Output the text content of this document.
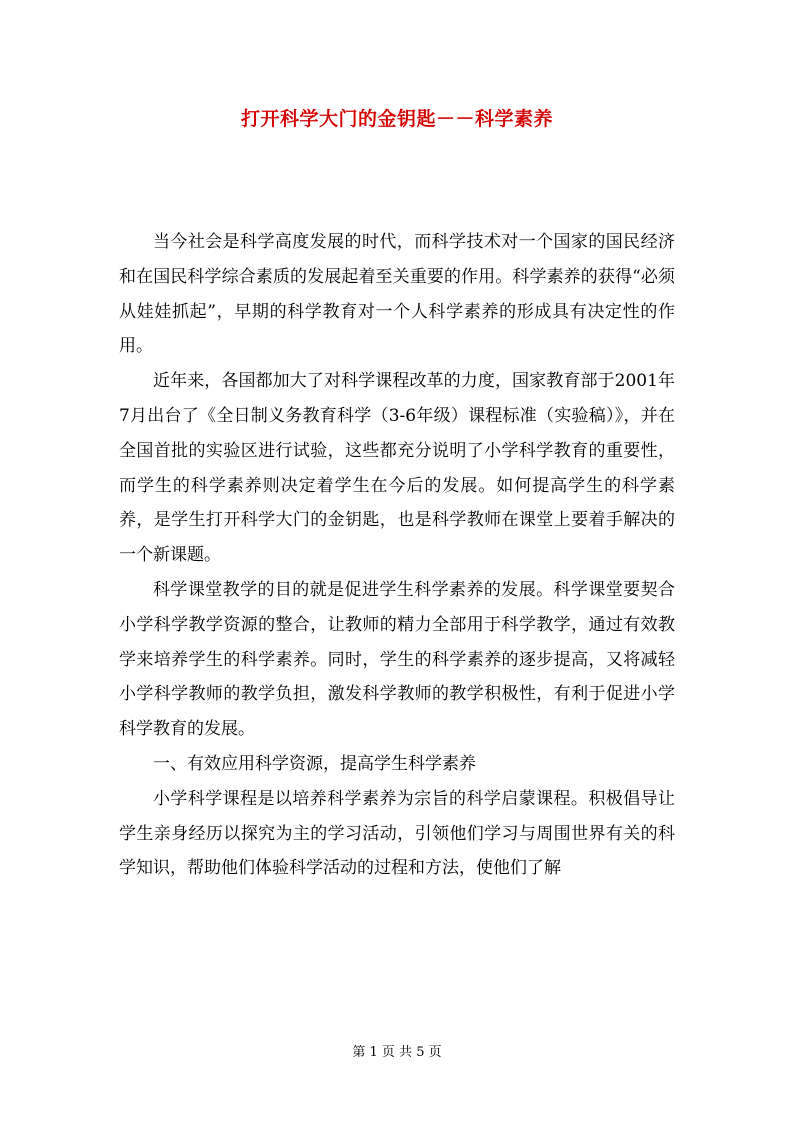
打开科学大门的金钥匙－－科学素养

当今社会是科学高度发展的时代，而科学技术对一个国家的国民经济和在国民科学综合素质的发展起着至关重要的作用。科学素养的获得“必须从娃娃抓起”，早期的科学教育对一个人科学素养的形成具有决定性的作用。

近年来，各国都加大了对科学课程改革的力度，国家教育部于2001年7月出台了《全日制义务教育科学（3-6年级）课程标准（实验稿）》，并在全国首批的实验区进行试验，这些都充分说明了小学科学教育的重要性，而学生的科学素养则决定着学生在今后的发展。如何提高学生的科学素养，是学生打开科学大门的金钥匙，也是科学教师在课堂上要着手解决的一个新课题。

科学课堂教学的目的就是促进学生科学素养的发展。科学课堂要契合小学科学教学资源的整合，让教师的精力全部用于科学教学，通过有效教学来培养学生的科学素养。同时，学生的科学素养的逐步提高，又将减轻小学科学教师的教学负担，激发科学教师的教学积极性，有利于促进小学科学教育的发展。

一、有效应用科学资源，提高学生科学素养

小学科学课程是以培养科学素养为宗旨的科学启蒙课程。积极倡导让学生亲身经历以探究为主的学习活动，引领他们学习与周围世界有关的科学知识，帮助他们体验科学活动的过程和方法，使他们了解

第 1 页 共 5 页
